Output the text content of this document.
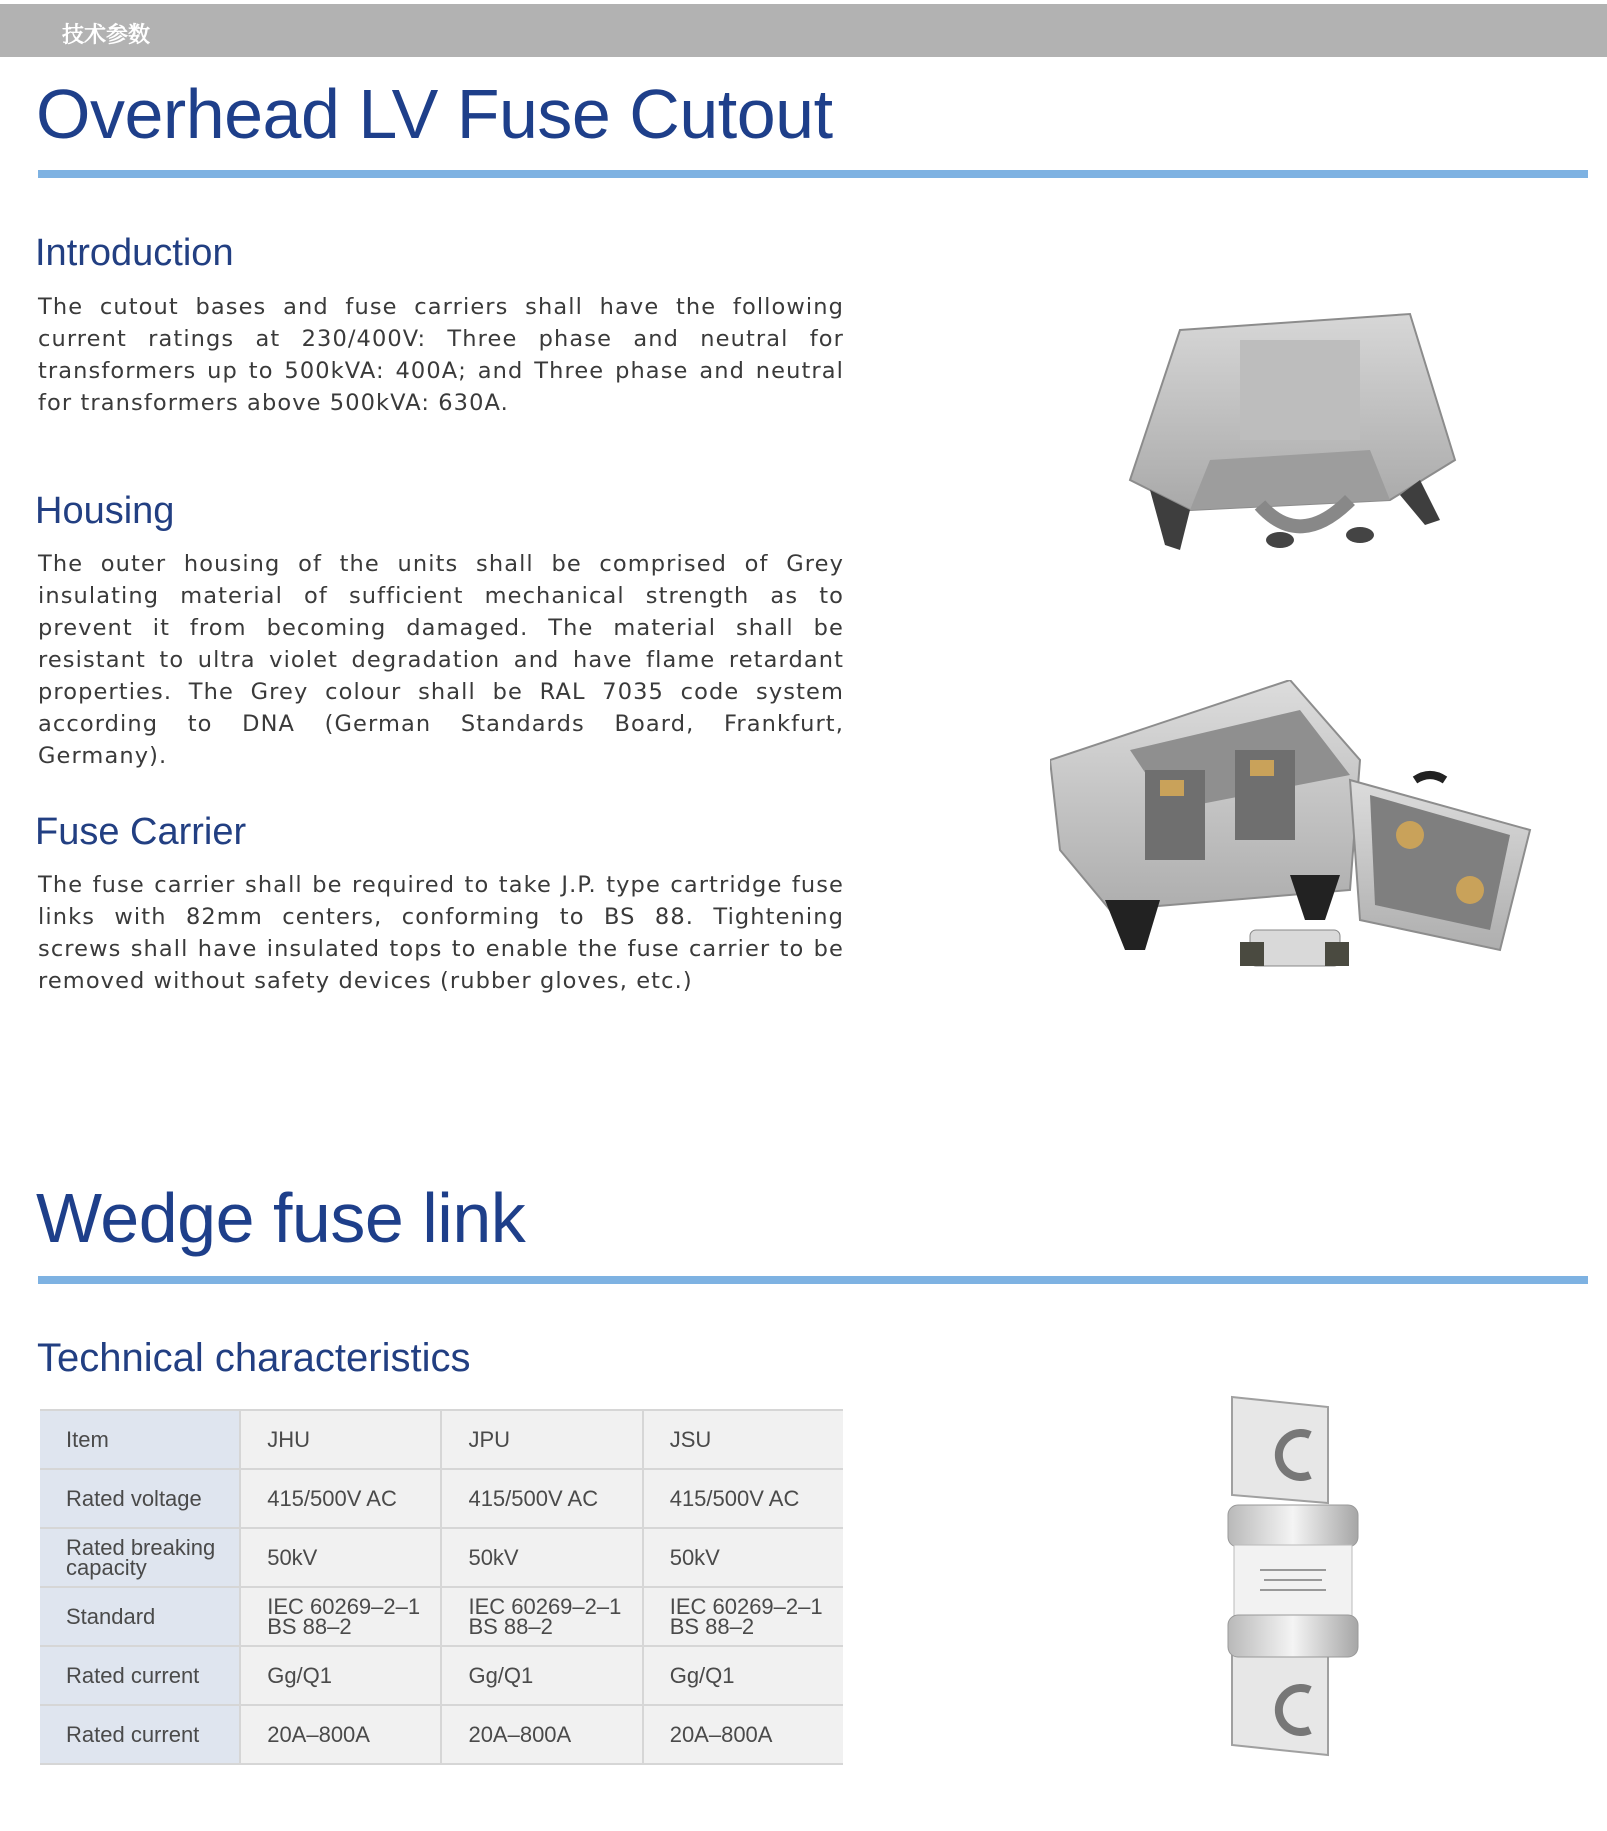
技术参数
Overhead LV Fuse Cutout
Introduction

The cutout bases and fuse carriers shall have the following current ratings at 230/400V: Three phase and neutral for transformers up to 500kVA: 400A; and Three phase and neutral for transformers above 500kVA: 630A.

Housing

The outer housing of the units shall be comprised of Grey insulating material of sufficient mechanical strength as to prevent it from becoming damaged. The material shall be resistant to ultra violet degradation and have flame retardant properties. The Grey colour shall be RAL 7035 code system according to DNA (German Standards Board, Frankfurt, Germany).

Fuse Carrier

The fuse carrier shall be required to take J.P. type cartridge fuse links with 82mm centers, conforming to BS 88. Tightening screws shall have insulated tops to enable the fuse carrier to be removed without safety devices (rubber gloves, etc.)

Wedge fuse link
Technical characteristics
Item	JHU	JPU	JSU
Rated voltage	415/500V AC	415/500V AC	415/500V AC
Rated breaking capacity	50kV	50kV	50kV
Standard	IEC 60269–2–1 BS 88–2	IEC 60269–2–1 BS 88–2	IEC 60269–2–1 BS 88–2
Rated current	Gg/Q1	Gg/Q1	Gg/Q1
Rated current	20A–800A	20A–800A	20A–800A
